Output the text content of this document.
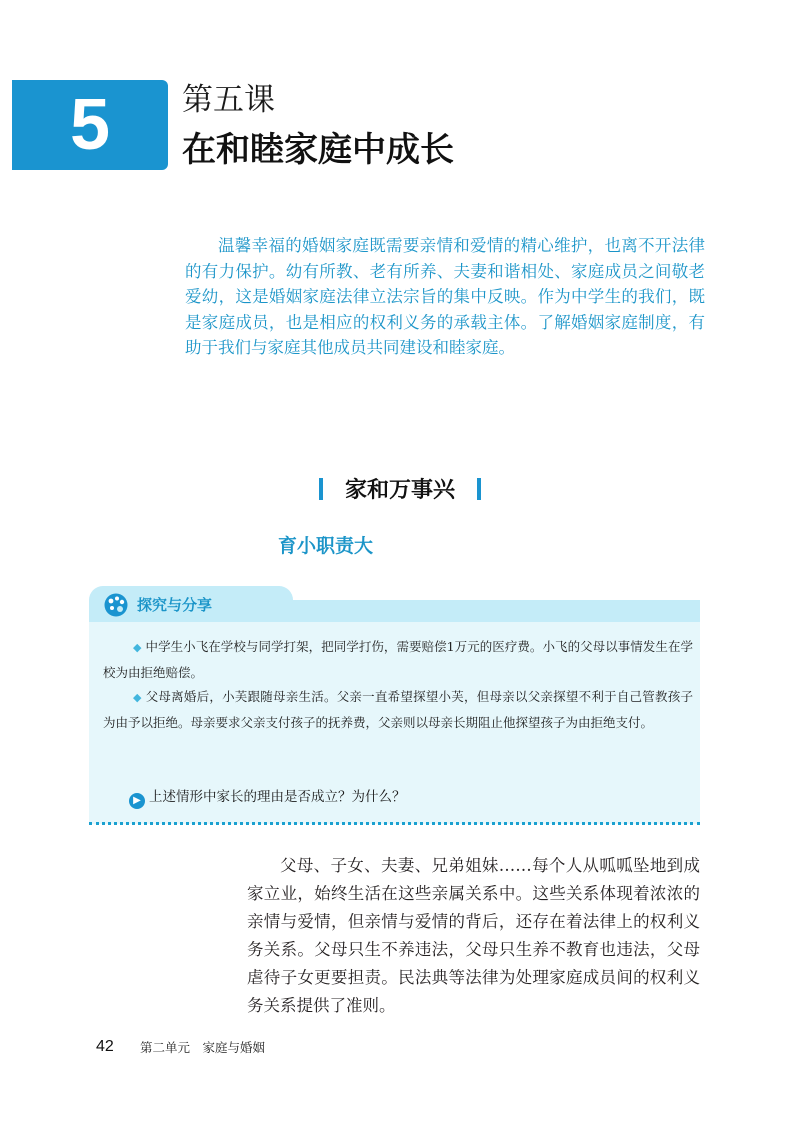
5	第五课
在和睦家庭中成长

温馨幸福的婚姻家庭既需要亲情和爱情的精心维护，也离不开法律的有力保护。幼有所教、老有所养、夫妻和谐相处、家庭成员之间敬老爱幼，这是婚姻家庭法律立法宗旨的集中反映。作为中学生的我们，既是家庭成员，也是相应的权利义务的承载主体。了解婚姻家庭制度，有助于我们与家庭其他成员共同建设和睦家庭。

家和万事兴
育小职责大
探究与分享

◆ 中学生小飞在学校与同学打架，把同学打伤，需要赔偿1万元的医疗费。小飞的父母以事情发生在学校为由拒绝赔偿。

◆ 父母离婚后，小芙跟随母亲生活。父亲一直希望探望小芙，但母亲以父亲探望不利于自己管教孩子为由予以拒绝。母亲要求父亲支付孩子的抚养费，父亲则以母亲长期阻止他探望孩子为由拒绝支付。

▶ 上述情形中家长的理由是否成立？为什么？

父母、子女、夫妻、兄弟姐妹……每个人从呱呱坠地到成家立业，始终生活在这些亲属关系中。这些关系体现着浓浓的亲情与爱情，但亲情与爱情的背后，还存在着法律上的权利义务关系。父母只生不养违法，父母只生养不教育也违法，父母虐待子女更要担责。民法典等法律为处理家庭成员间的权利义务关系提供了准则。

42 第二单元　家庭与婚姻
